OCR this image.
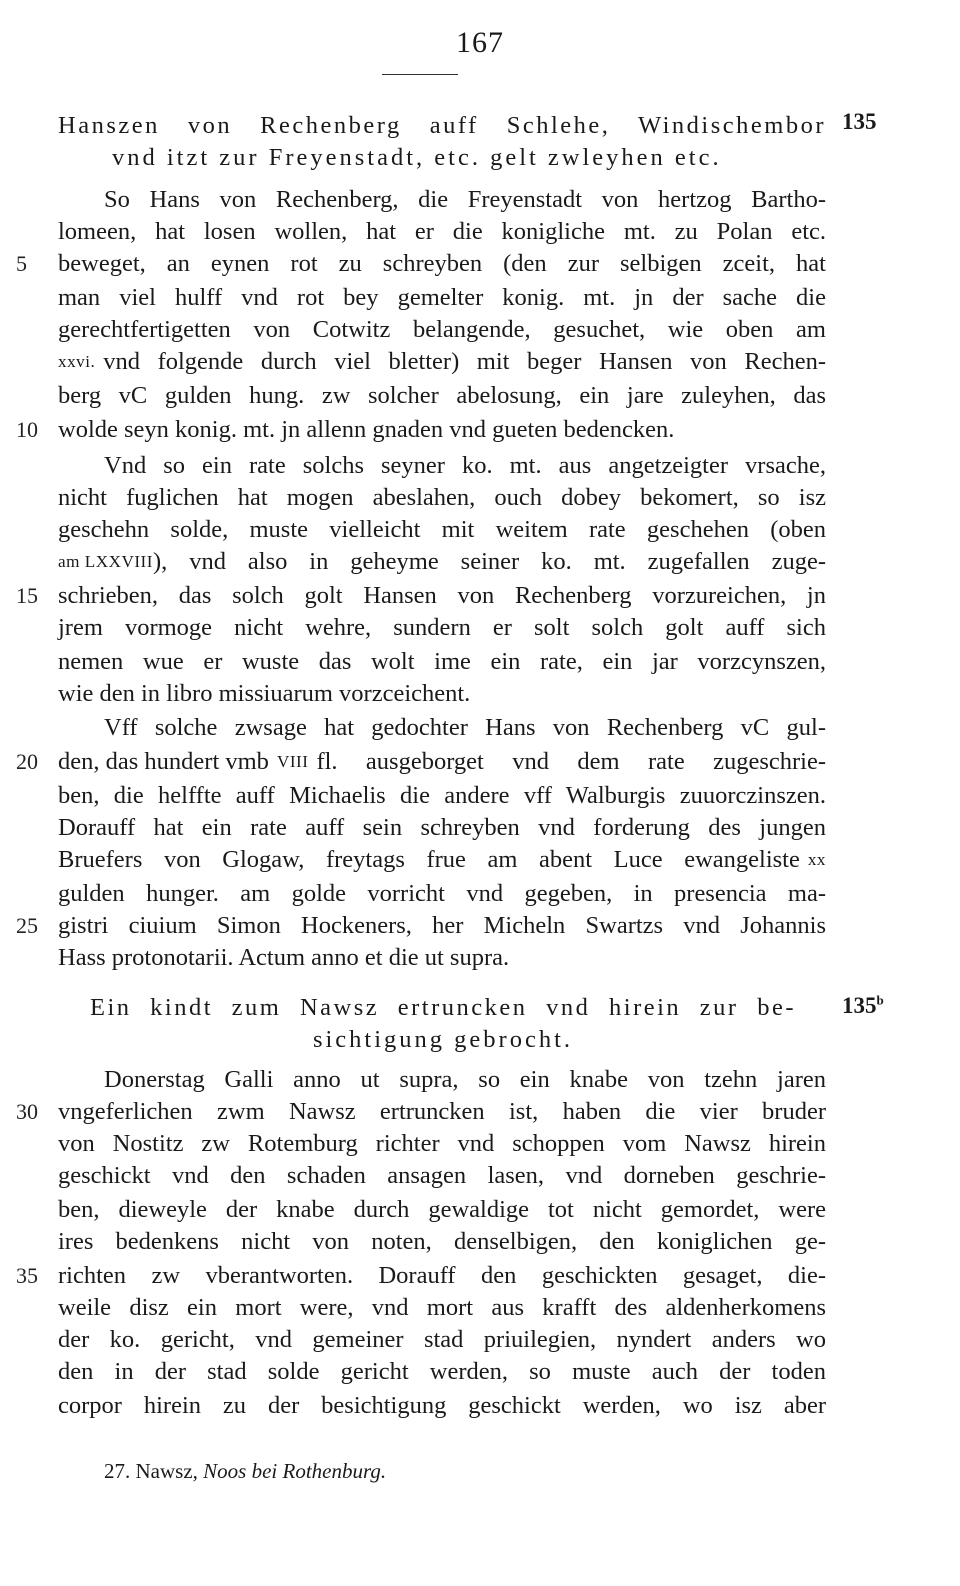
167
Hanszen von Rechenberg auff Schlehe, Windischembor 135
vnd itzt zur Freyenstadt, etc. gelt zwleyhen etc.
So Hans von Rechenberg, die Freyenstadt von hertzog Bartho-
lomeen, hat losen wollen, hat er die konigliche mt. zu Polan etc.
5	beweget, an eynen rot zu schreyben (den zur selbigen zceit, hat
man viel hulff vnd rot bey gemelter konig. mt. jn der sache die
gerechtfertigetten von Cotwitz belangende, gesuchet, wie oben am
xxvi. vnd folgende durch viel bletter) mit beger Hansen von Rechen-
berg vC gulden hung. zw solcher abelosung, ein jare zuleyhen, das
10 wolde seyn konig. mt. jn allenn gnaden vnd gueten bedencken.
Vnd so ein rate solchs seyner ko. mt. aus angetzeigter vrsache,
nicht fuglichen hat mogen abeslahen, ouch dobey bekomert, so isz
geschehn solde, muste vielleicht mit weitem rate geschehen (oben
am LXXVIII ), vnd also in geheyme seiner ko. mt. zugefallen zuge-
15 schrieben, das solch golt Hansen von Rechenberg vorzureichen, jn
jrem vormoge nicht wehre, sundern er solt solch golt auff sich
nemen wue er wuste das wolt ime ein rate, ein jar vorzcynszen,
wie den in libro missiuarum vorzceichent.
Vff solche zwsage hat gedochter Hans von Rechenberg vC gul-
20 den, das hundert vmb VIII fl. ausgeborget vnd dem rate zugeschrie-
ben, die helffte auff Michaelis die andere vff Walburgis zuuorczinszen.
Dorauff hat ein rate auff sein schreyben vnd forderung des jungen
Bruefers von Glogaw, freytags frue am abent Luce ewangeliste xx
gulden hunger. am golde vorricht vnd gegeben, in presencia ma-
25 gistri ciuium Simon Hockeners, her Micheln Swartzs vnd Johannis
Hass protonotarii. Actum anno et die ut supra.
Ein kindt zum Nawsz ertruncken vnd hirein zur be- 135$^b$
sichtigung gebrocht.
Donerstag Galli anno ut supra, so ein knabe von tzehn jaren
30 vngeferlichen zwm Nawsz ertruncken ist, haben die vier bruder
von Nostitz zw Rotemburg richter vnd schoppen vom Nawsz hirein
geschickt vnd den schaden ansagen lasen, vnd dorneben geschrie-
ben, dieweyle der knabe durch gewaldige tot nicht gemordet, were
ires bedenkens nicht von noten, denselbigen, den koniglichen ge-
35 richten zw vberantworten. Dorauff den geschickten gesaget, die-
weile disz ein mort were, vnd mort aus krafft des aldenherkomens
der ko. gericht, vnd gemeiner stad priuilegien, nyndert anders wo
den in der stad solde gericht werden, so muste auch der toden
corpor hirein zu der besichtigung geschickt werden, wo isz aber
27. Nawsz, Noos bei Rothenburg.
